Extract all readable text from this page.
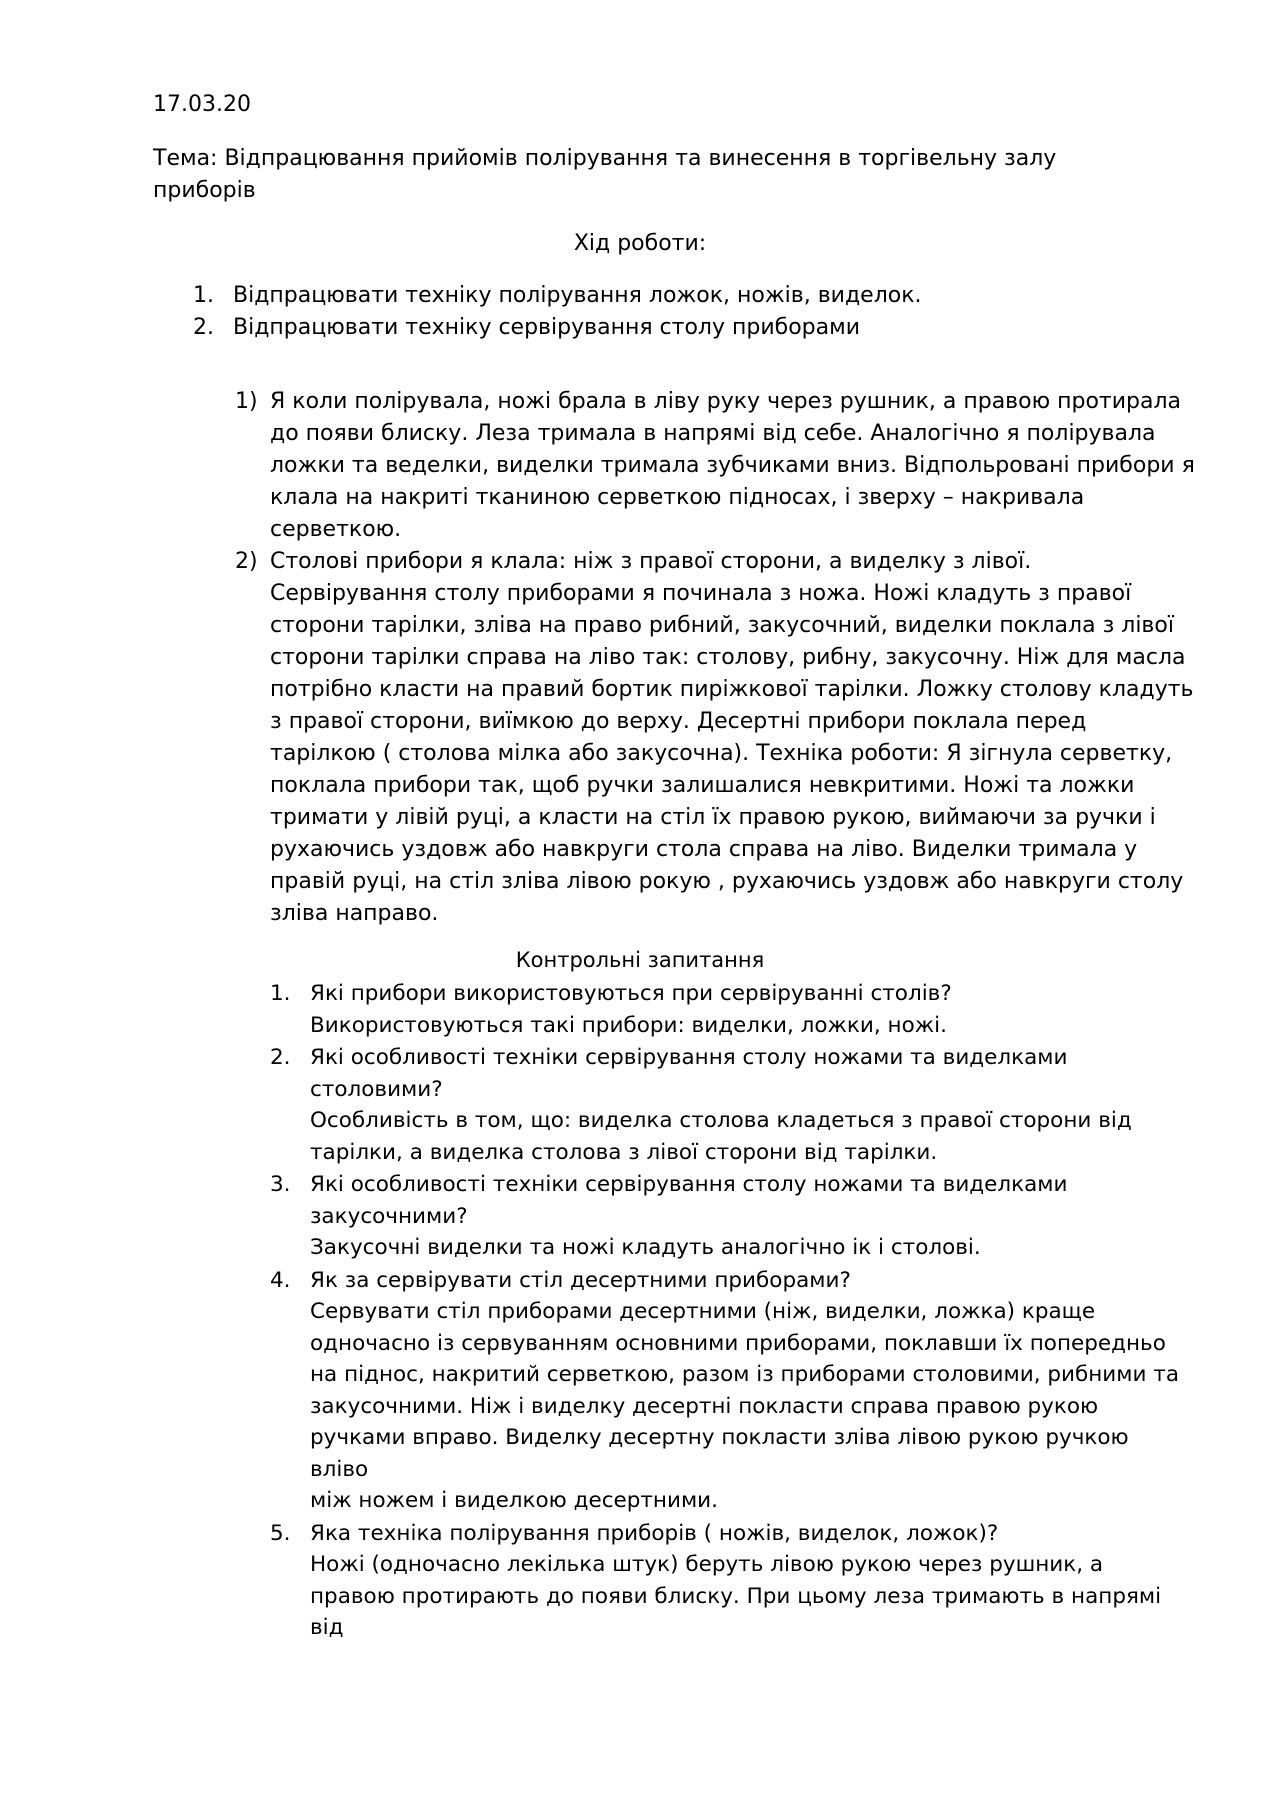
17.03.20
Тема: Відпрацювання прийомів полірування та винесення в торгівельну залу приборів
Хід роботи:
1. Відпрацювати техніку полірування ложок, ножів, виделок.
2. Відпрацювати техніку сервірування столу приборами
1) Я коли полірувала, ножі брала в ліву руку через рушник, а правою протирала до появи блиску. Леза тримала в напрямі від себе. Аналогічно я полірувала ложки та веделки, виделки тримала зубчиками вниз. Відпольровані прибори я клала на накриті тканиною серветкою підносах, і зверху – накривала серветкою.

2) Столові прибори я клала: ніж з правої сторони, а виделку з лівої. Сервірування столу приборами я починала з ножа. Ножі кладуть з правої сторони тарілки, зліва на право рибний, закусочний, виделки поклала з лівої сторони тарілки справа на ліво так: столову, рибну, закусочну. Ніж для масла потрібно класти на правий бортик пиріжкової тарілки. Ложку столову кладуть з правої сторони, виїмкою до верху. Десертні прибори поклала перед тарілкою ( столова мілка або закусочна). Техніка роботи: Я зігнула серветку, поклала прибори так, щоб ручки залишалися невкритими. Ножі та ложки тримати у лівій руці, а класти на стіл їх правою рукою, виймаючи за ручки і рухаючись уздовж або навкруги стола справа на ліво. Виделки тримала у правій руці, на стіл зліва лівою рокую , рухаючись уздовж або навкруги столу зліва направо.

Контрольні запитання
1. Які прибори використовуються при сервіруванні столів?

Використовуються такі прибори: виделки, ложки, ножі.

2. Які особливості техніки сервірування столу ножами та виделками столовими?

Особливість в том, що: виделка столова кладеться з правої сторони від тарілки, а виделка столова з лівої сторони від тарілки.

3. Які особливості техніки сервірування столу ножами та виделками закусочними?

Закусочні виделки та ножі кладуть аналогічно ік і столові.

4. Як за сервірувати стіл десертними приборами?

Сервувати стіл приборами десертними (ніж, виделки, ложка) краще одночасно із сервуванням основними приборами, поклавши їх попередньо

на піднос, накритий серветкою, разом із приборами столовими, рибними та

закусочними. Ніж і виделку десертні покласти справа правою рукою ручками вправо. Виделку десертну покласти зліва лівою рукою ручкою вліво

між ножем і виделкою десертними.

5. Яка техніка полірування приборів ( ножів, виделок, ложок)?

Ножі (одночасно лекілька штук) беруть лівою рукою через рушник, а правою протирають до появи блиску. При цьому леза тримають в напрямі від
